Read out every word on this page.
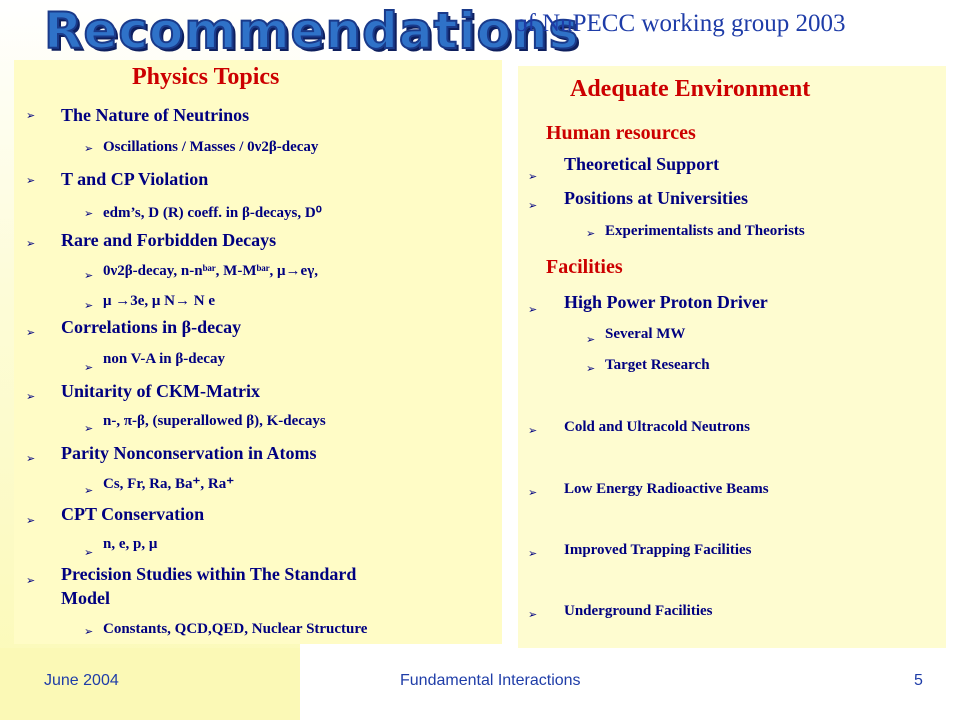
Recommendations
of NuPECC working group 2003
Physics Topics
➢ The Nature of Neutrinos
➢ Oscillations / Masses / 0ν2β-decay
➢ T and CP Violation
➢ edm’s, D (R) coeff. in β-decays, D⁰
➢ Rare and Forbidden Decays
➢ 0ν2β-decay, n-nᵇᵃʳ, M-Mᵇᵃʳ, μ→eγ,
➢ μ →3e, μ N→ N e
➢ Correlations in β-decay
➢
non V-A in β-decay
➢ Unitarity of CKM-Matrix
➢ n-, π-β, (superallowed β), K-decays
➢ Parity Nonconservation in Atoms
➢ Cs, Fr, Ra, Ba⁺, Ra⁺
➢ CPT Conservation
➢
n, e, p, μ
➢ Precision Studies within The Standard
Model
➢ Constants, QCD,QED, Nuclear Structure
Adequate Environment
Human resources
➢
Theoretical Support
➢ Positions at Universities
➢ Experimentalists and Theorists
Facilities
➢ High Power Proton Driver
➢ Several MW
➢ Target Research
➢ Cold and Ultracold Neutrons
➢ Low Energy Radioactive Beams
➢ Improved Trapping Facilities
➢ Underground Facilities
June 2004	Fundamental Interactions	5
